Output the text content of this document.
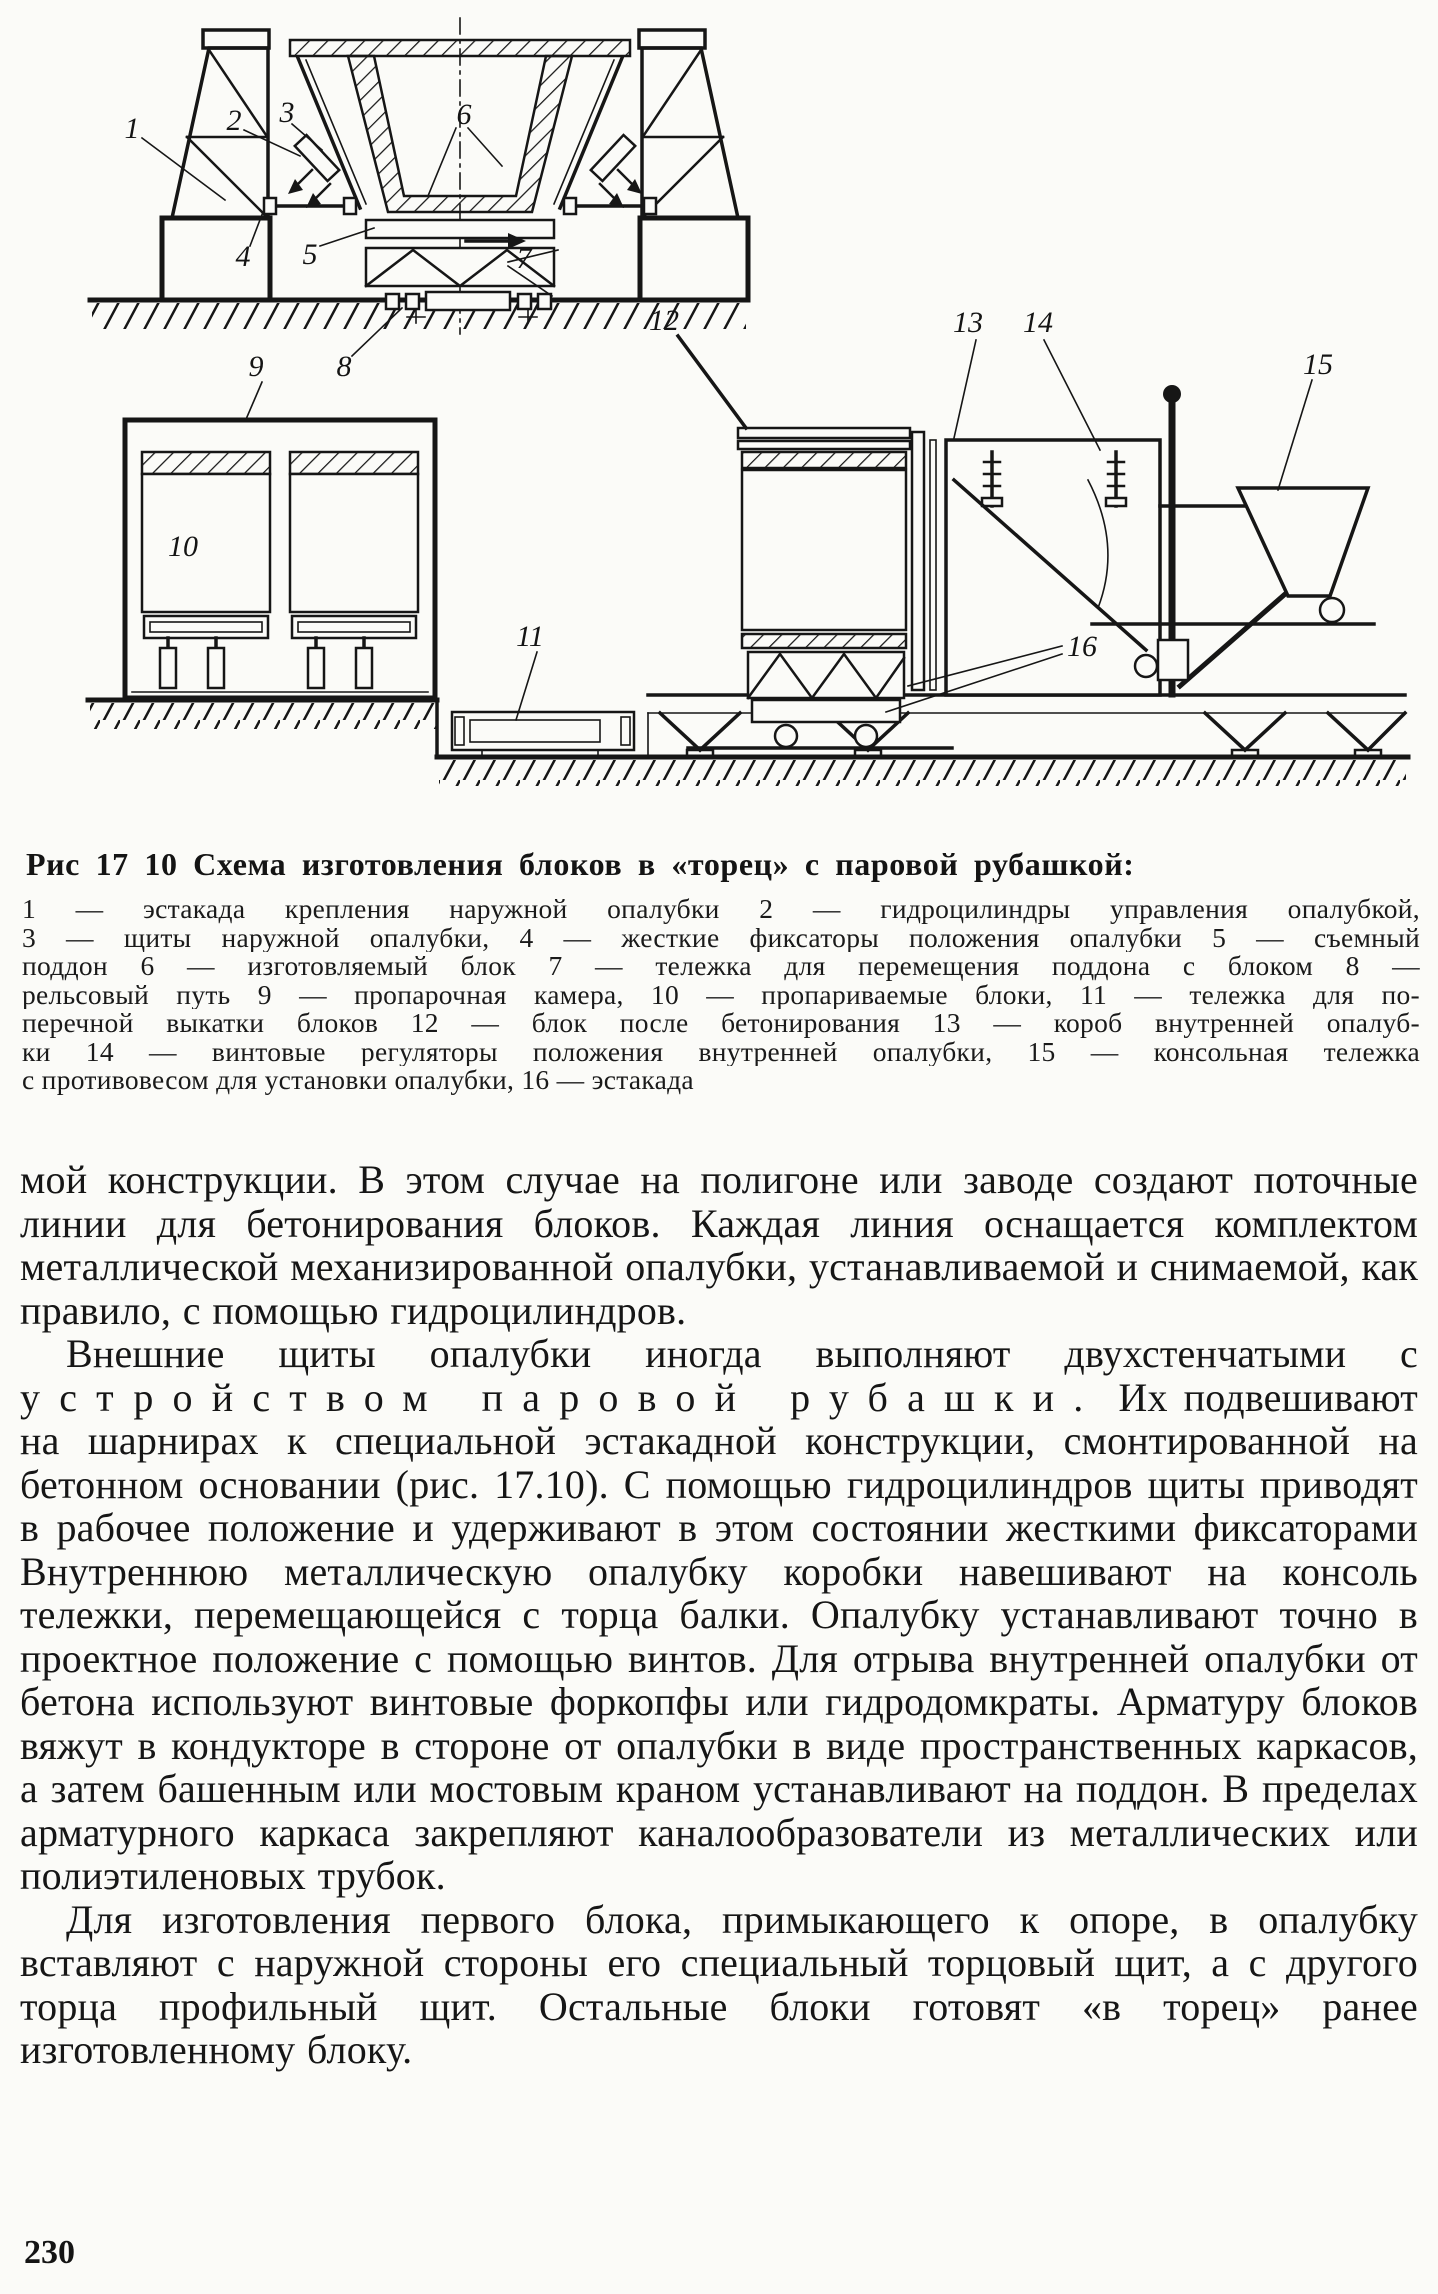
1	2 3	6
4 5	7
9 8
10
11
12	13 14
15
16
Рис 17 10 Схема изготовления блоков в «торец» с паровой рубашкой:
1 — эстакада крепления наружной опалубки 2 — гидроцилиндры управления опалубкой,
3 — щиты наружной опалубки, 4 — жесткие фиксаторы положения опалубки 5 — съемный
поддон 6 — изготовляемый блок 7 — тележка для перемещения поддона с блоком 8 —
рельсовый путь 9 — пропарочная камера, 10 — пропариваемые блоки, 11 — тележка для по-
перечной выкатки блоков 12 — блок после бетонирования 13 — короб внутренней опалуб-
ки 14 — винтовые регуляторы положения внутренней опалубки, 15 — консольная тележка
с противовесом для установки опалубки, 16 — эстакада

мой конструкции. В этом случае на полигоне или заводе создают поточные линии для бетонирования блоков. Каждая линия оснащается комплектом металлической механизированной опалубки, устанавливаемой и снимаемой, как правило, с помощью гидроцилиндров.

Внешние щиты опалубки иногда выполняют двухстенчатыми с устройством паровой рубашки. Их подвешивают на шарнирах к специальной эстакадной конструкции, смонтированной на бетонном основании (рис. 17.10). С помощью гидроцилиндров щиты приводят в рабочее положение и удерживают в этом состоянии жесткими фиксаторами Внутреннюю металлическую опалубку коробки навешивают на консоль тележки, перемещающейся с торца балки. Опалубку устанавливают точно в проектное положение с помощью винтов. Для отрыва внутренней опалубки от бетона используют винтовые форкопфы или гидродомкраты. Арматуру блоков вяжут в кондукторе в стороне от опалубки в виде пространственных каркасов, а затем башенным или мостовым краном устанавливают на поддон. В пределах арматурного каркаса закрепляют каналообразователи из металлических или полиэтиленовых трубок.

Для изготовления первого блока, примыкающего к опоре, в опалубку вставляют с наружной стороны его специальный торцовый щит, а с другого торца профильный щит. Остальные блоки готовят «в торец» ранее изготовленному блоку.

230
